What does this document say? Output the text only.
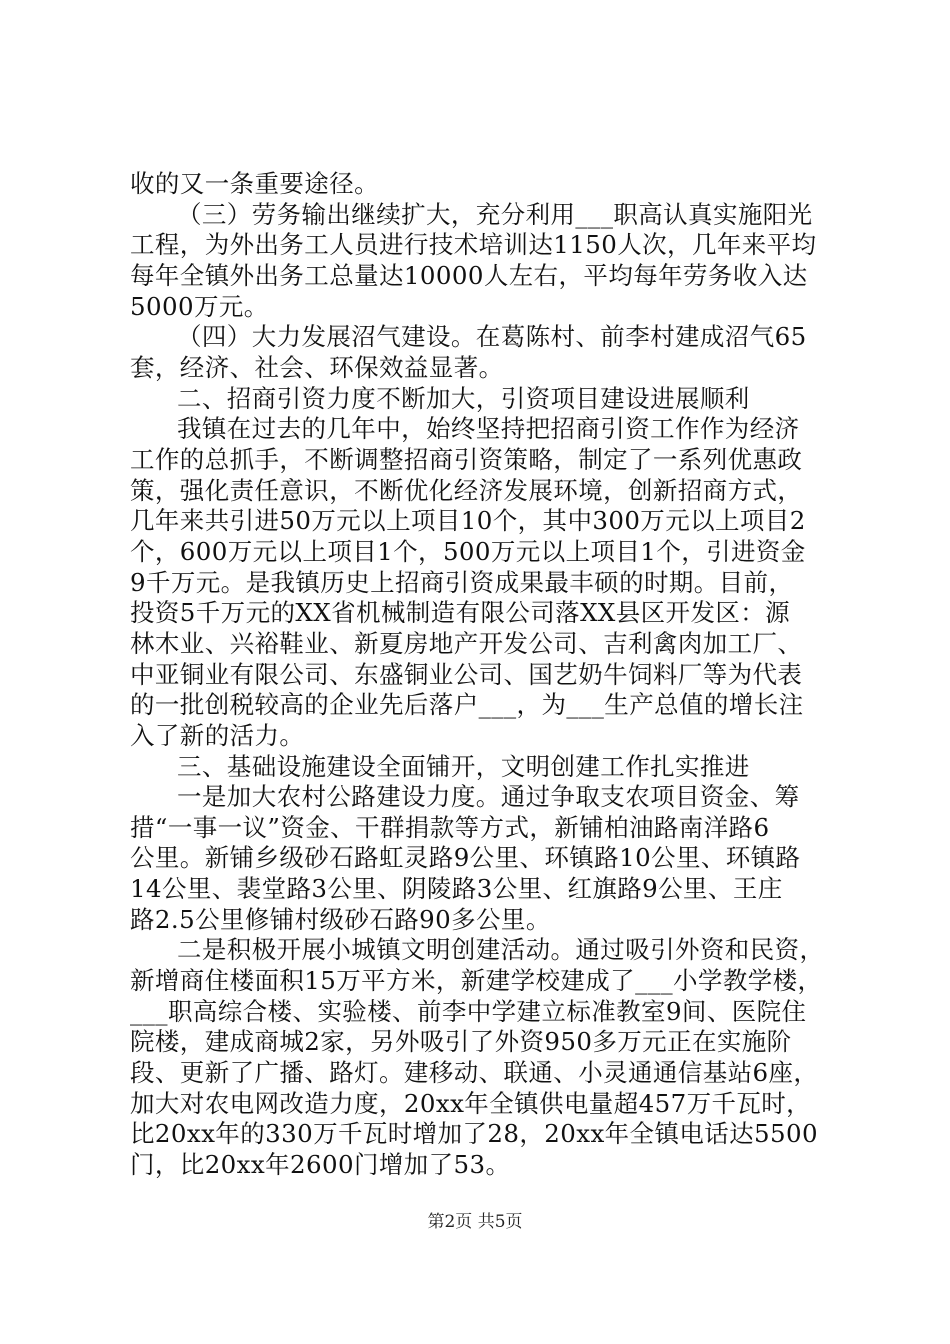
收的又一条重要途径。
（三）劳务输出继续扩大，充分利用___职高认真实施阳光
工程，为外出务工人员进行技术培训达1150人次，几年来平均
每年全镇外出务工总量达10000人左右，平均每年劳务收入达
5000万元。
（四）大力发展沼气建设。在葛陈村、前李村建成沼气65
套，经济、社会、环保效益显著。
二、招商引资力度不断加大，引资项目建设进展顺利
我镇在过去的几年中，始终坚持把招商引资工作作为经济
工作的总抓手，不断调整招商引资策略，制定了一系列优惠政
策，强化责任意识，不断优化经济发展环境，创新招商方式，
几年来共引进50万元以上项目10个，其中300万元以上项目2
个，600万元以上项目1个，500万元以上项目1个，引进资金
9千万元。是我镇历史上招商引资成果最丰硕的时期。目前，
投资5千万元的XX省机械制造有限公司落XX县区开发区：源
林木业、兴裕鞋业、新夏房地产开发公司、吉利禽肉加工厂、
中亚铜业有限公司、东盛铜业公司、国艺奶牛饲料厂等为代表
的一批创税较高的企业先后落户___，为___生产总值的增长注
入了新的活力。
三、基础设施建设全面铺开，文明创建工作扎实推进
一是加大农村公路建设力度。通过争取支农项目资金、筹
措“一事一议”资金、干群捐款等方式，新铺柏油路南洋路6
公里。新铺乡级砂石路虹灵路9公里、环镇路10公里、环镇路
14公里、裴堂路3公里、阴陵路3公里、红旗路9公里、王庄
路2.5公里修铺村级砂石路90多公里。
二是积极开展小城镇文明创建活动。通过吸引外资和民资，
新增商住楼面积15万平方米，新建学校建成了___小学教学楼，
___职高综合楼、实验楼、前李中学建立标准教室9间、医院住
院楼，建成商城2家，另外吸引了外资950多万元正在实施阶
段、更新了广播、路灯。建移动、联通、小灵通通信基站6座，
加大对农电网改造力度，20xx年全镇供电量超457万千瓦时，
比20xx年的330万千瓦时增加了28，20xx年全镇电话达5500
门，比20xx年2600门增加了53。
第2页 共5页
